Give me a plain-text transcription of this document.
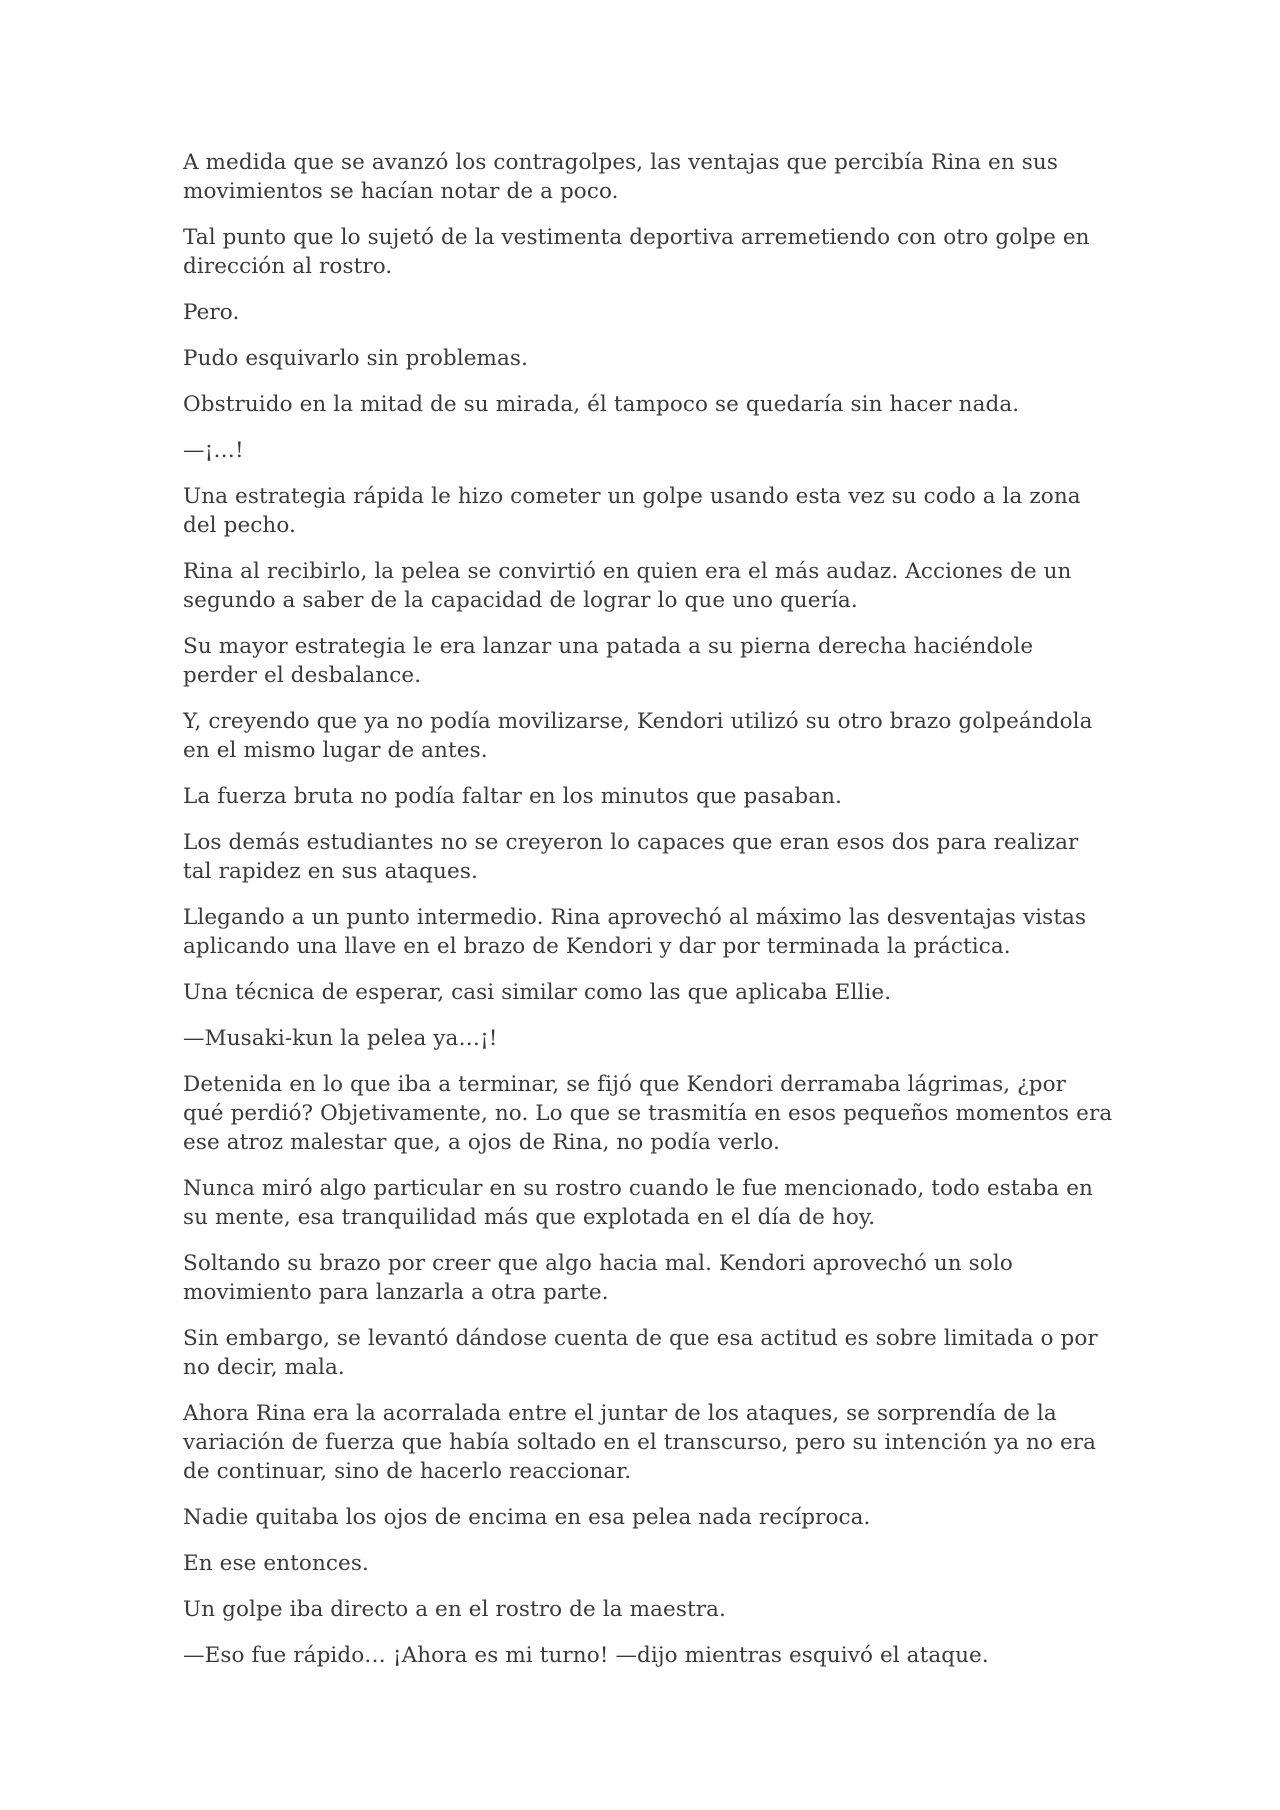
A medida que se avanzó los contragolpes, las ventajas que percibía Rina en sus movimientos se hacían notar de a poco.

Tal punto que lo sujetó de la vestimenta deportiva arremetiendo con otro golpe en dirección al rostro.

Pero.

Pudo esquivarlo sin problemas.

Obstruido en la mitad de su mirada, él tampoco se quedaría sin hacer nada.

—¡…!

Una estrategia rápida le hizo cometer un golpe usando esta vez su codo a la zona del pecho.

Rina al recibirlo, la pelea se convirtió en quien era el más audaz. Acciones de un segundo a saber de la capacidad de lograr lo que uno quería.

Su mayor estrategia le era lanzar una patada a su pierna derecha haciéndole perder el desbalance.

Y, creyendo que ya no podía movilizarse, Kendori utilizó su otro brazo golpeándola en el mismo lugar de antes.

La fuerza bruta no podía faltar en los minutos que pasaban.

Los demás estudiantes no se creyeron lo capaces que eran esos dos para realizar tal rapidez en sus ataques.

Llegando a un punto intermedio. Rina aprovechó al máximo las desventajas vistas aplicando una llave en el brazo de Kendori y dar por terminada la práctica.

Una técnica de esperar, casi similar como las que aplicaba Ellie.

—Musaki-kun la pelea ya…¡!

Detenida en lo que iba a terminar, se fijó que Kendori derramaba lágrimas, ¿por qué perdió? Objetivamente, no. Lo que se trasmitía en esos pequeños momentos era ese atroz malestar que, a ojos de Rina, no podía verlo.

Nunca miró algo particular en su rostro cuando le fue mencionado, todo estaba en su mente, esa tranquilidad más que explotada en el día de hoy.

Soltando su brazo por creer que algo hacia mal. Kendori aprovechó un solo movimiento para lanzarla a otra parte.

Sin embargo, se levantó dándose cuenta de que esa actitud es sobre limitada o por no decir, mala.

Ahora Rina era la acorralada entre el juntar de los ataques, se sorprendía de la variación de fuerza que había soltado en el transcurso, pero su intención ya no era de continuar, sino de hacerlo reaccionar.

Nadie quitaba los ojos de encima en esa pelea nada recíproca.

En ese entonces.

Un golpe iba directo a en el rostro de la maestra.

—Eso fue rápido… ¡Ahora es mi turno! —dijo mientras esquivó el ataque.
